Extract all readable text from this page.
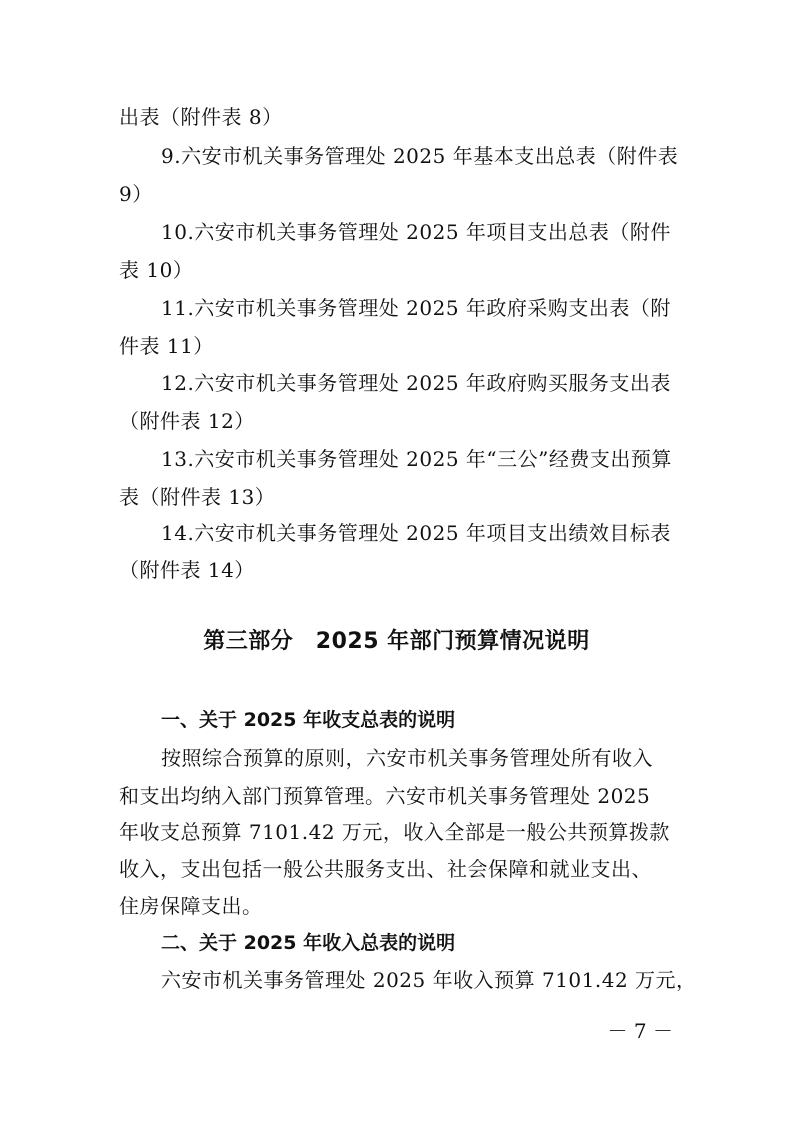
出表（附件表 8）
9.六安市机关事务管理处 2025 年基本支出总表（附件表
9）
10.六安市机关事务管理处 2025 年项目支出总表（附件
表 10）
11.六安市机关事务管理处 2025 年政府采购支出表（附
件表 11）
12.六安市机关事务管理处 2025 年政府购买服务支出表
（附件表 12）
13.六安市机关事务管理处 2025 年“三公”经费支出预算
表（附件表 13）
14.六安市机关事务管理处 2025 年项目支出绩效目标表
（附件表 14）
第三部分　2025 年部门预算情况说明
一、关于 2025 年收支总表的说明
按照综合预算的原则，六安市机关事务管理处所有收入
和支出均纳入部门预算管理。六安市机关事务管理处 2025
年收支总预算 7101.42 万元，收入全部是一般公共预算拨款
收入，支出包括一般公共服务支出、社会保障和就业支出、
住房保障支出。
二、关于 2025 年收入总表的说明
六安市机关事务管理处 2025 年收入预算 7101.42 万元，
－ 7 －
